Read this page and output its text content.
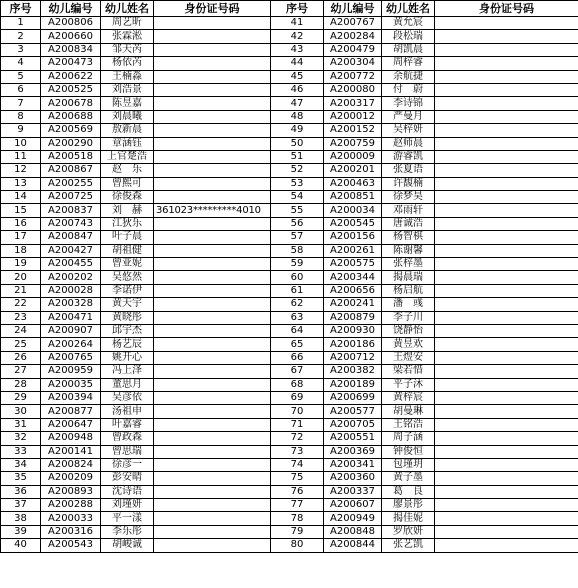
序号	幼儿编号	幼儿姓名	身份证号码	序号	幼儿编号	幼儿姓名	身份证号码
1	A200806	周艺昕		41	A200767	黄允宸	
2	A200660	张霖淞		42	A200284	段松瑞	
3	A200834	邹天芮		43	A200479	胡凯晨	
4	A200473	杨依芮		44	A200304	周梓睿	
5	A200622	王楠淼		45	A200772	余航捷	
6	A200525	刘浩景		46	A200080	付　蔚	
7	A200678	陈昱嘉		47	A200317	李诗锦	
8	A200688	刘晨曦		48	A200012	严曼月	
9	A200569	敖新晨		49	A200152	吴梓妍	
10	A200290	章涵钰		50	A200759	赵师晨	
11	A200518	上官楚浩		51	A200009	游睿凯	
12	A200867	赵　乐		52	A200201	张夏语	
13	A200255	曾熙可		53	A200463	许馥楠	
14	A200725	徐俊森		54	A200851	徐梦昊	
15	A200837	刘　赫	361023*********4010	55	A200034	邓雨轩	
16	A200743	江狄乐		56	A200545	唐诚浩	
17	A200847	叶子晨		57	A200156	杨智棋	
18	A200427	胡祖健		58	A200261	陈谢馨	
19	A200455	曾亚妮		59	A200575	张梓墨	
20	A200202	吴悠然		60	A200344	揭晨瑞	
21	A200028	李诺伊		61	A200656	杨启航	
22	A200328	黄天宇		62	A200241	潘　彧	
23	A200471	黄晓彤		63	A200879	李子川	
24	A200907	邱宇杰		64	A200930	饶静怡	
25	A200264	杨艺辰		65	A200186	黄昱欢	
26	A200765	姚开心		66	A200712	王煜安	
27	A200959	冯上泽		67	A200382	梁若惜	
28	A200035	董思月		68	A200189	平子沐	
29	A200394	吴彦依		69	A200699	黄梓宸	
30	A200877	汤祖申		70	A200577	胡曼琳	
31	A200647	叶嘉睿		71	A200705	王铭浩	
32	A200948	曾政森		72	A200551	周子涵	
33	A200141	曾思瑞		73	A200369	钟俊恒	
34	A200824	徐彦一		74	A200341	包瑾玥	
35	A200209	彭安晴		75	A200360	黄子墨	
36	A200893	沈诗语		76	A200337	葛　良	
37	A200288	刘瑾妍		77	A200607	廖景彤	
38	A200033	平一漾		78	A200949	揭佳妮	
39	A200316	李乐彤		79	A200848	罗欣妍	
40	A200543	胡峻诚		80	A200844	张艺凯	
